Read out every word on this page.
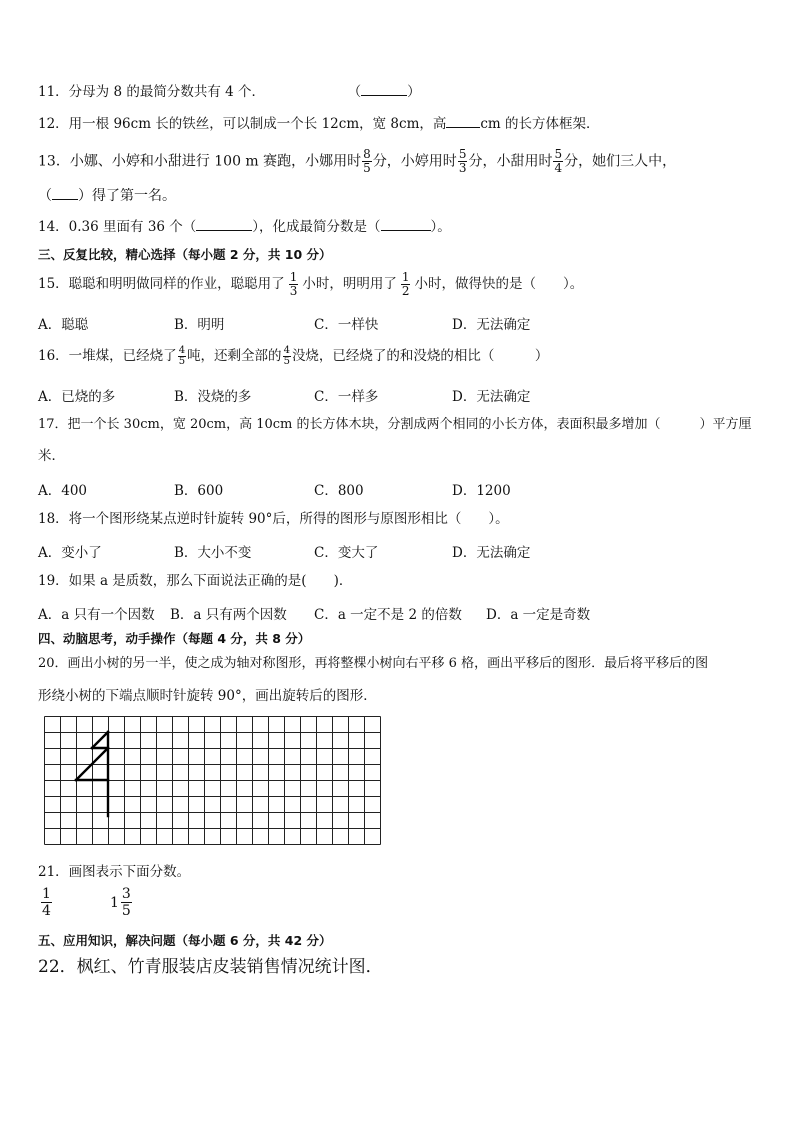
11．分母为 8 的最简分数共有 4 个．	（	）
12．用一根 96cm 长的铁丝，可以制成一个长 12cm，宽 8cm，高	cm 的长方体框架．
13．小娜、小婷和小甜进行 100 m 赛跑，小娜用时 $\frac{8}{5}$ 分，小婷用时 $\frac{5}{3}$ 分，小甜用时 $\frac{5}{4}$ 分，她们三人中，
（ ）得了第一名。
14．0.36 里面有 36 个（	），化成最简分数是（	）。
三、反复比较，精心选择（每小题 2 分，共 10 分）
15．聪聪和明明做同样的作业，聪聪用了 $\frac{1}{3}$ 小时，明明用了 $\frac{1}{2}$ 小时，做得快的是（　　）。
A．聪聪	B．明明	C．一样快	D．无法确定
16．一堆煤，已经烧了 $\frac{4}{5}$ 吨，还剩全部的 $\frac{4}{5}$ 没烧，已经烧了的和没烧的相比（　　　）
A．已烧的多	B．没烧的多	C．一样多	D．无法确定
17．把一个长 30cm，宽 20cm，高 10cm 的长方体木块，分割成两个相同的小长方体，表面积最多增加（　　　）平方厘
米．
A．400	B．600	C．800	D．1200
18．将一个图形绕某点逆时针旋转 90°后，所得的图形与原图形相比（　　）。
A．变小了	B．大小不变	C．变大了	D．无法确定
19．如果 a 是质数，那么下面说法正确的是(　　)．
A．a 只有一个因数 B．a 只有两个因数 C．a 一定不是 2 的倍数 D．a 一定是奇数
四、动脑思考，动手操作（每题 4 分，共 8 分）
20．画出小树的另一半，使之成为轴对称图形，再将整棵小树向右平移 6 格，画出平移后的图形．最后将平移后的图
形绕小树的下端点顺时针旋转 90°，画出旋转后的图形．
21．画图表示下面分数。
$\frac{1}{4}$	$1 \frac{3}{5}$
五、应用知识，解决问题（每小题 6 分，共 42 分）
22．枫红、竹青服装店皮装销售情况统计图．
